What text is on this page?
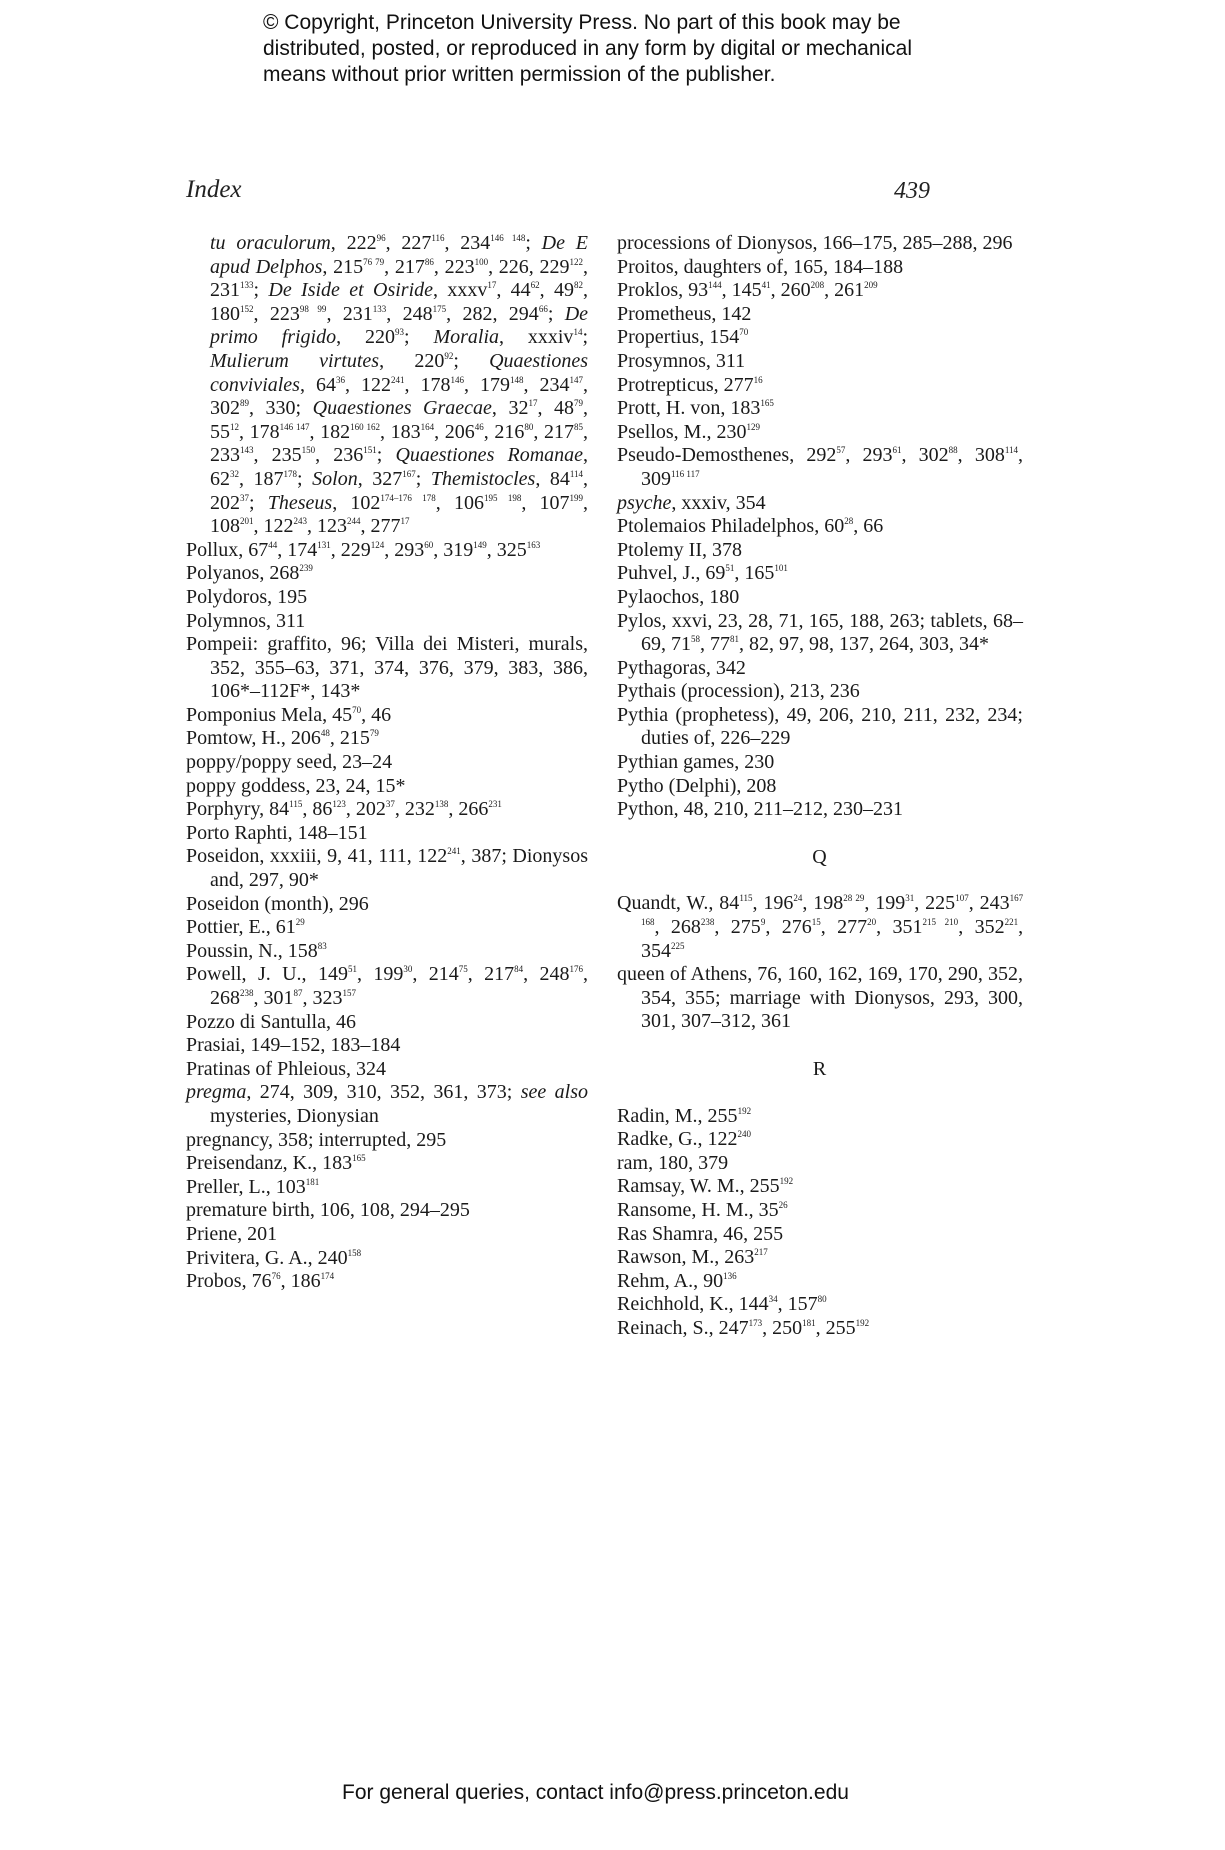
© Copyright, Princeton University Press. No part of this book may be
distributed, posted, or reproduced in any form by digital or mechanical
means without prior written permission of the publisher.
Index	439
tu oraculorum, $222^{96}$, $227^{116}$, $234^{146 148}$; De E apud Delphos, $215^{76 79}$, $217^{86}$, $223^{100}$, 226, $229^{122}$, $231^{133}$; De Iside et Osiride, xxxv$^{17}$, $44^{62}$, $49^{82}$, $180^{152}$, $223^{98 99}$, $231^{133}$, $248^{175}$, 282, $294^{66}$; De primo frigido, $220^{93}$; Moralia, xxxiv$^{14}$; Mulierum virtutes, $220^{92}$; Quaestiones conviviales, $64^{36}$, $122^{241}$, $178^{146}$, $179^{148}$, $234^{147}$, $302^{89}$, 330; Quaestiones Graecae, $32^{17}$, $48^{79}$, $55^{12}$, $178^{146 147}$, $182^{160 162}$, $183^{164}$, $206^{46}$, $216^{80}$, $217^{85}$, $233^{143}$, $235^{150}$, $236^{151}$; Quaestiones Romanae, $62^{32}$, $187^{178}$; Solon, $327^{167}$; Themistocles, $84^{114}$, $202^{37}$; Theseus, $102^{174-176 178}$, $106^{195 198}$, $107^{199}$, $108^{201}$, $122^{243}$, $123^{244}$, $277^{17}$
Pollux, $67^{44}$, $174^{131}$, $229^{124}$, $293^{60}$, $319^{149}$, $325^{163}$
Polyanos, $268^{239}$
Polydoros, 195
Polymnos, 311
Pompeii: graffito, 96; Villa dei Misteri, murals, 352, 355–63, 371, 374, 376, 379, 383, 386, 106*–112F*, 143*
Pomponius Mela, $45^{70}$, 46
Pomtow, H., $206^{48}$, $215^{79}$
poppy/poppy seed, 23–24
poppy goddess, 23, 24, 15*
Porphyry, $84^{115}$, $86^{123}$, $202^{37}$, $232^{138}$, $266^{231}$
Porto Raphti, 148–151
Poseidon, xxxiii, 9, 41, 111, $122^{241}$, 387; Dionysos and, 297, 90*
Poseidon (month), 296
Pottier, E., $61^{29}$
Poussin, N., $158^{83}$
Powell, J. U., $149^{51}$, $199^{30}$, $214^{75}$, $217^{84}$, $248^{176}$, $268^{238}$, $301^{87}$, $323^{157}$
Pozzo di Santulla, 46
Prasiai, 149–152, 183–184
Pratinas of Phleious, 324
pregma, 274, 309, 310, 352, 361, 373; see also mysteries, Dionysian
pregnancy, 358; interrupted, 295
Preisendanz, K., $183^{165}$
Preller, L., $103^{181}$
premature birth, 106, 108, 294–295
Priene, 201
Privitera, G. A., $240^{158}$
Probos, $76^{76}$, $186^{174}$
processions of Dionysos, 166–175, 285–288, 296
Proitos, daughters of, 165, 184–188
Proklos, $93^{144}$, $145^{41}$, $260^{208}$, $261^{209}$
Prometheus, 142
Propertius, $154^{70}$
Prosymnos, 311
Protrepticus, $277^{16}$
Prott, H. von, $183^{165}$
Psellos, M., $230^{129}$
Pseudo-Demosthenes, $292^{57}$, $293^{61}$, $302^{88}$, $308^{114}$, $309^{116 117}$
psyche, xxxiv, 354
Ptolemaios Philadelphos, $60^{28}$, 66
Ptolemy II, 378
Puhvel, J., $69^{51}$, $165^{101}$
Pylaochos, 180
Pylos, xxvi, 23, 28, 71, 165, 188, 263; tablets, 68–69, $71^{58}$, $77^{81}$, 82, 97, 98, 137, 264, 303, 34*
Pythagoras, 342
Pythais (procession), 213, 236
Pythia (prophetess), 49, 206, 210, 211, 232, 234; duties of, 226–229
Pythian games, 230
Pytho (Delphi), 208
Python, 48, 210, 211–212, 230–231
Q
Quandt, W., $84^{115}$, $196^{24}$, $198^{28 29}$, $199^{31}$, $225^{107}$, $243^{167 168}$, $268^{238}$, $275^9$, $276^{15}$, $277^{20}$, $351^{215 210}$, $352^{221}$, $354^{225}$
queen of Athens, 76, 160, 162, 169, 170, 290, 352, 354, 355; marriage with Dionysos, 293, 300, 301, 307–312, 361
R
Radin, M., $255^{192}$
Radke, G., $122^{240}$
ram, 180, 379
Ramsay, W. M., $255^{192}$
Ransome, H. M., $35^{26}$
Ras Shamra, 46, 255
Rawson, M., $263^{217}$
Rehm, A., $90^{136}$
Reichhold, K., $144^{34}$, $157^{80}$
Reinach, S., $247^{173}$, $250^{181}$, $255^{192}$
For general queries, contact info@press.princeton.edu
